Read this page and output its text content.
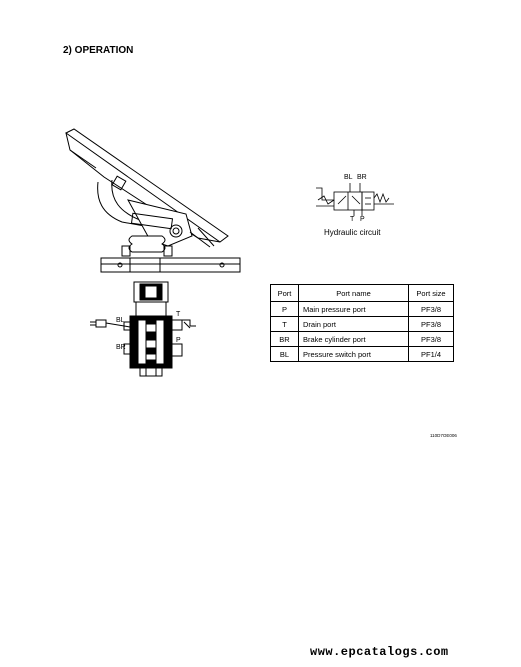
2) OPERATION
BL
BR
T
P
BL BR
T P
Hydraulic circuit
Port	Port name	Port size
P	Main pressure port	PF3/8
T	Drain port	PF3/8
BR	Brake cylinder port	PF3/8
BL	Pressure switch port	PF1/4
110D7OE006
www.epcatalogs.com
